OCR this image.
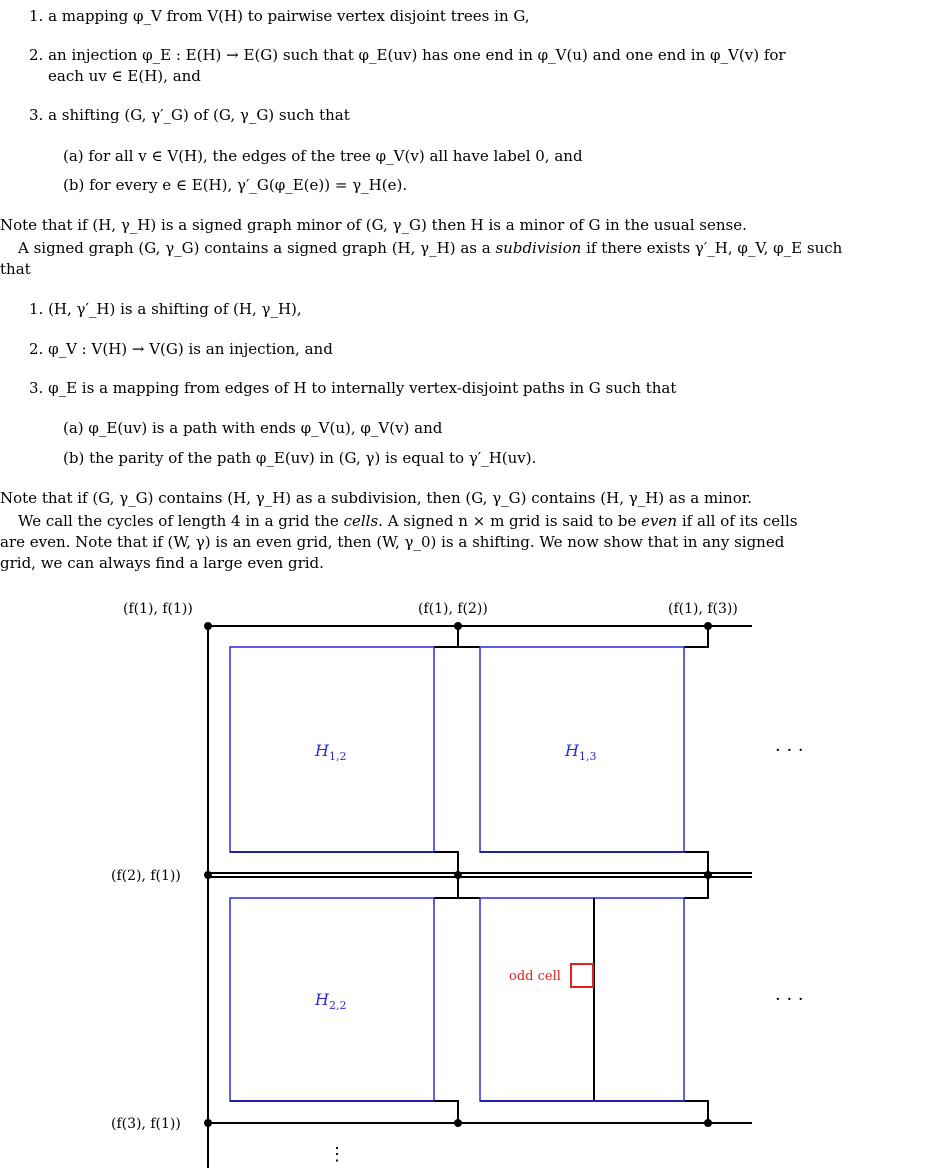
1. a mapping φ_V from V(H) to pairwise vertex disjoint trees in G,
2. an injection φ_E : E(H) → E(G) such that φ_E(uv) has one end in φ_V(u) and one end in φ_V(v) for
each uv ∈ E(H), and
3. a shifting (G, γ′_G) of (G, γ_G) such that
(a) for all v ∈ V(H), the edges of the tree φ_V(v) all have label 0, and
(b) for every e ∈ E(H), γ′_G(φ_E(e)) = γ_H(e).
Note that if (H, γ_H) is a signed graph minor of (G, γ_G) then H is a minor of G in the usual sense.
A signed graph (G, γ_G) contains a signed graph (H, γ_H) as a subdivision if there exists γ′_H, φ_V, φ_E such
that
1. (H, γ′_H) is a shifting of (H, γ_H),
2. φ_V : V(H) → V(G) is an injection, and
3. φ_E is a mapping from edges of H to internally vertex-disjoint paths in G such that
(a) φ_E(uv) is a path with ends φ_V(u), φ_V(v) and
(b) the parity of the path φ_E(uv) in (G, γ) is equal to γ′_H(uv).
Note that if (G, γ_G) contains (H, γ_H) as a subdivision, then (G, γ_G) contains (H, γ_H) as a minor.
We call the cycles of length 4 in a grid the cells. A signed n × m grid is said to be even if all of its cells
are even. Note that if (W, γ) is an even grid, then (W, γ_0) is a shifting. We now show that in any signed
grid, we can always find a large even grid.
(f(1), f(1))	(f(1), f(2))	(f(1), f(3))
(f(2), f(1))
(f(3), f(1))
$H_{1,2}$	$H_{1,3}$
$H_{2,2}$
odd cell
· · ·
· · ·
⋮
